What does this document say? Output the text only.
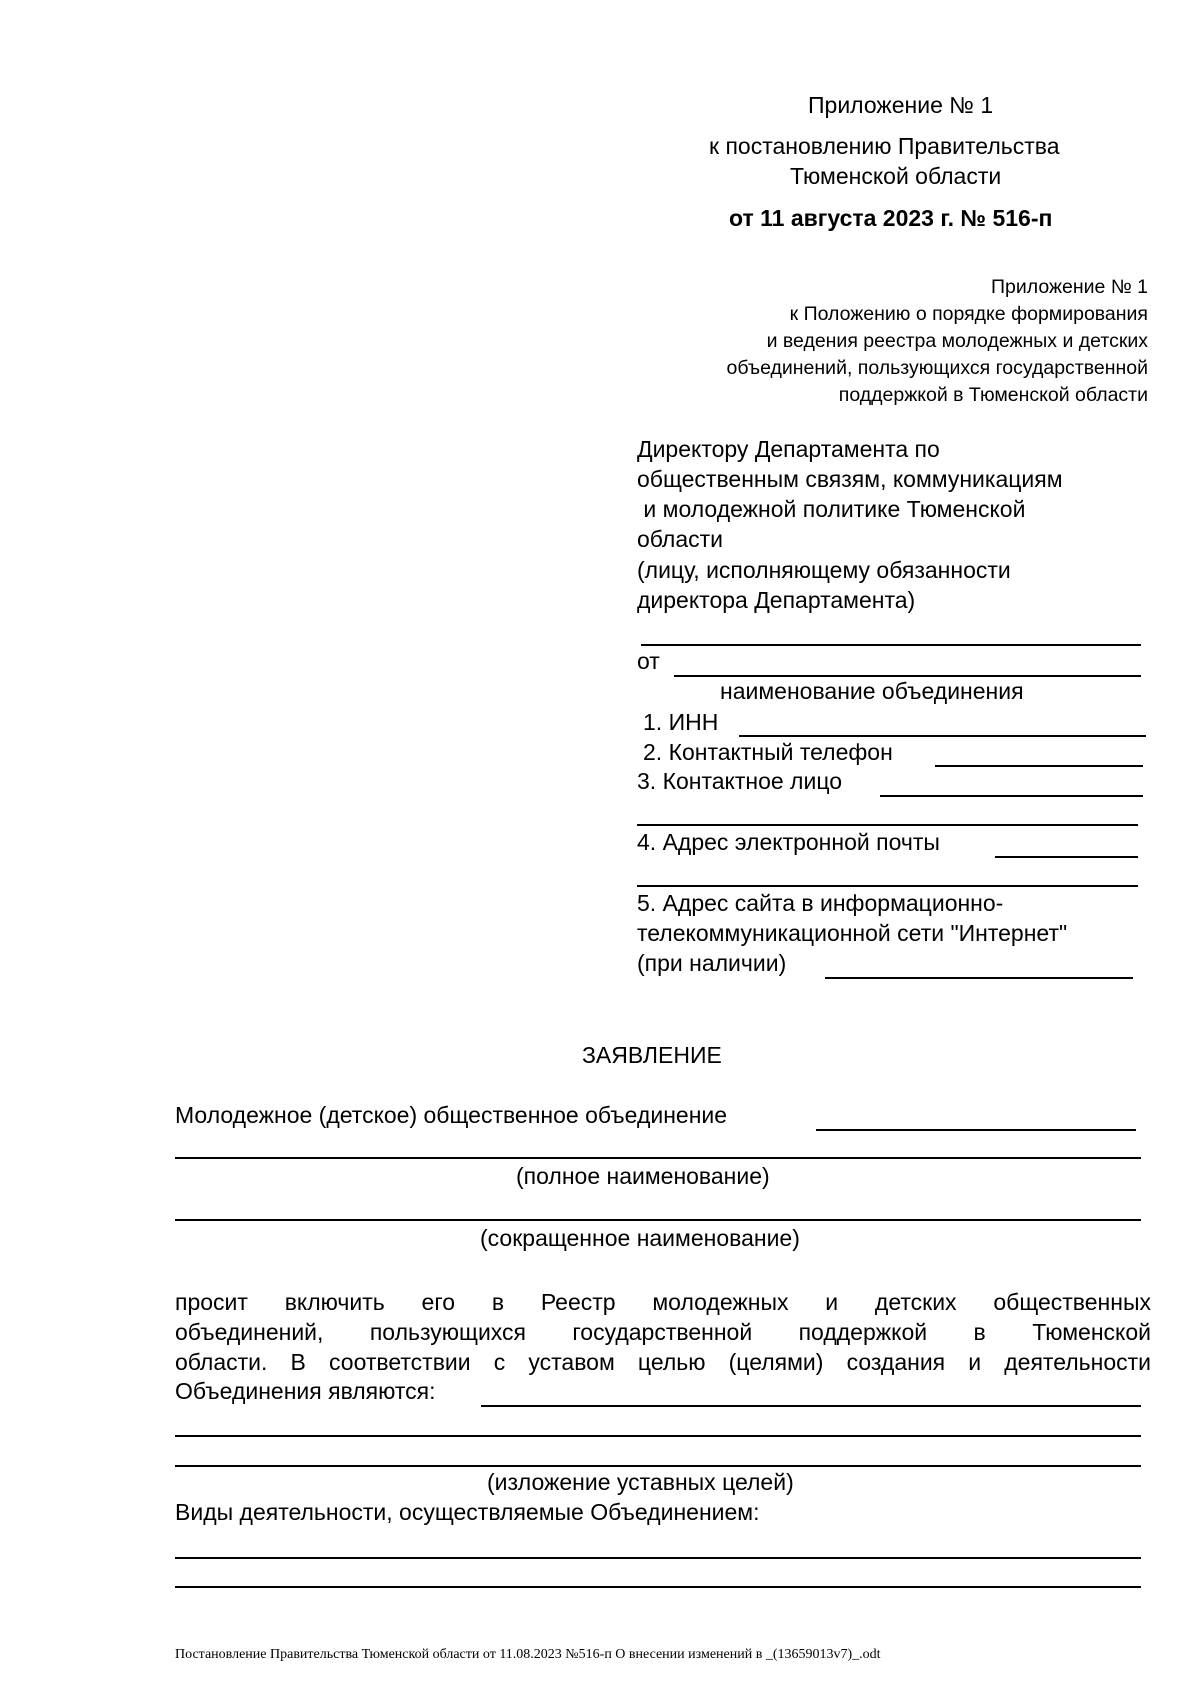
Приложение № 1
к постановлению Правительства
Тюменской области
от 11 августа 2023 г. № 516-п
Приложение № 1
к Положению о порядке формирования
и ведения реестра молодежных и детских
объединений, пользующихся государственной
поддержкой в Тюменской области
Директору Департамента по
общественным связям, коммуникациям
и молодежной политике Тюменской
области
(лицу, исполняющему обязанности
директора Департамента)
от
наименование объединения
1. ИНН
2. Контактный телефон
3. Контактное лицо
4. Адрес электронной почты
5. Адрес сайта в информационно-
телекоммуникационной сети "Интернет"
(при наличии)
ЗАЯВЛЕНИЕ
Молодежное (детское) общественное объединение
(полное наименование)
(сокращенное наименование)
просит включить его в Реестр молодежных и детских общественных
объединений, пользующихся государственной поддержкой в Тюменской
области. В соответствии с уставом целью (целями) создания и деятельности
Объединения являются:
(изложение уставных целей)
Виды деятельности, осуществляемые Объединением:
Постановление Правительства Тюменской области от 11.08.2023 №516-п О внесении изменений в _(13659013v7)_.odt
